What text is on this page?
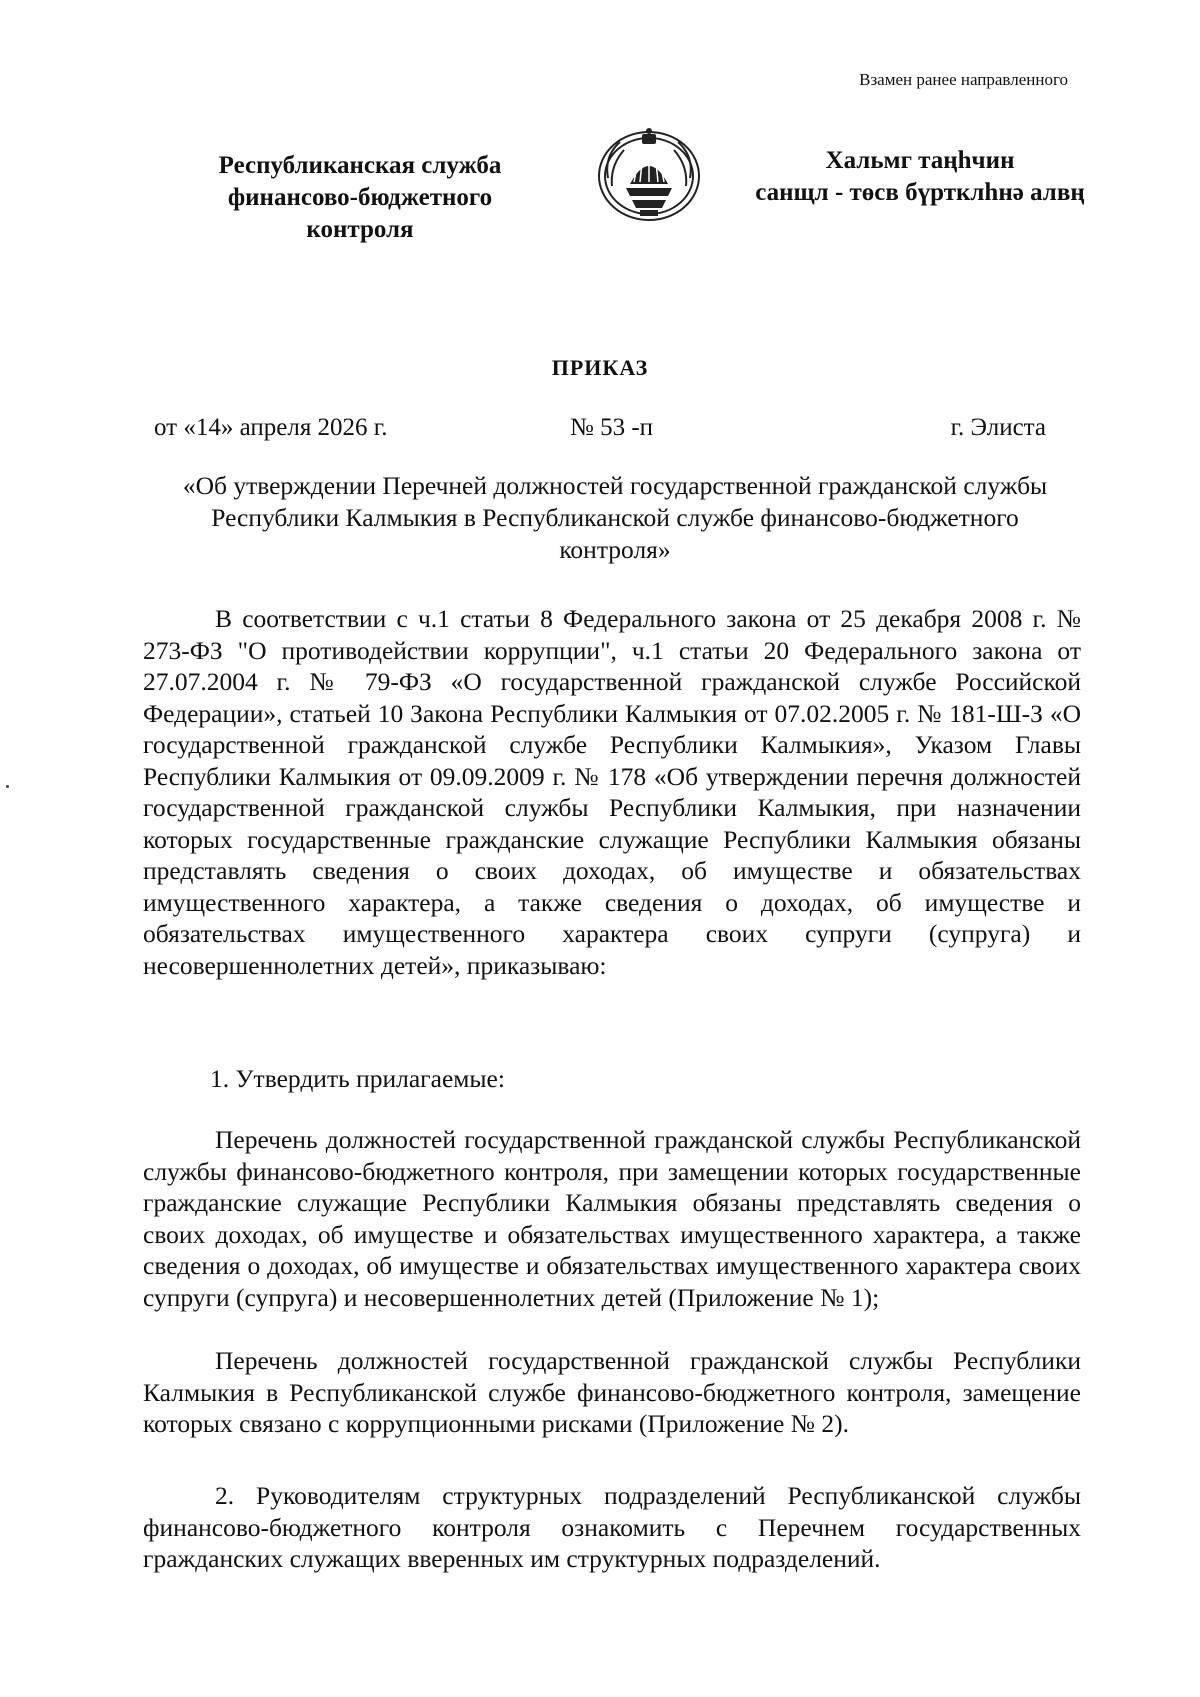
Взамен ранее направленного
Республиканская служба
финансово-бюджетного
контроля
Хальмг таңһчин
санщл - төсв бүртклһнә алвң
ПРИКАЗ
от «14» апреля 2026 г.	№ 53 -п	г. Элиста
«Об утверждении Перечней должностей государственной гражданской службы Республики Калмыкия в Республиканской службе финансово-бюджетного контроля»
В соответствии с ч.1 статьи 8 Федерального закона от 25 декабря 2008 г. № 273-ФЗ "О противодействии коррупции", ч.1 статьи 20 Федерального закона от 27.07.2004 г. № 79-ФЗ «О государственной гражданской службе Российской Федерации», статьей 10 Закона Республики Калмыкия от 07.02.2005 г. № 181-Ш-З «О государственной гражданской службе Республики Калмыкия», Указом Главы Республики Калмыкия от 09.09.2009 г. № 178 «Об утверждении перечня должностей государственной гражданской службы Республики Калмыкия, при назначении которых государственные гражданские служащие Республики Калмыкия обязаны представлять сведения о своих доходах, об имуществе и обязательствах имущественного характера, а также сведения о доходах, об имуществе и обязательствах имущественного характера своих супруги (супруга) и несовершеннолетних детей», приказываю:
1. Утвердить прилагаемые:
Перечень должностей государственной гражданской службы Республиканской службы финансово-бюджетного контроля, при замещении которых государственные гражданские служащие Республики Калмыкия обязаны представлять сведения о своих доходах, об имуществе и обязательствах имущественного характера, а также сведения о доходах, об имуществе и обязательствах имущественного характера своих супруги (супруга) и несовершеннолетних детей (Приложение № 1);
Перечень должностей государственной гражданской службы Республики Калмыкия в Республиканской службе финансово-бюджетного контроля, замещение которых связано с коррупционными рисками (Приложение № 2).
2. Руководителям структурных подразделений Республиканской службы финансово-бюджетного контроля ознакомить с Перечнем государственных гражданских служащих вверенных им структурных подразделений.
